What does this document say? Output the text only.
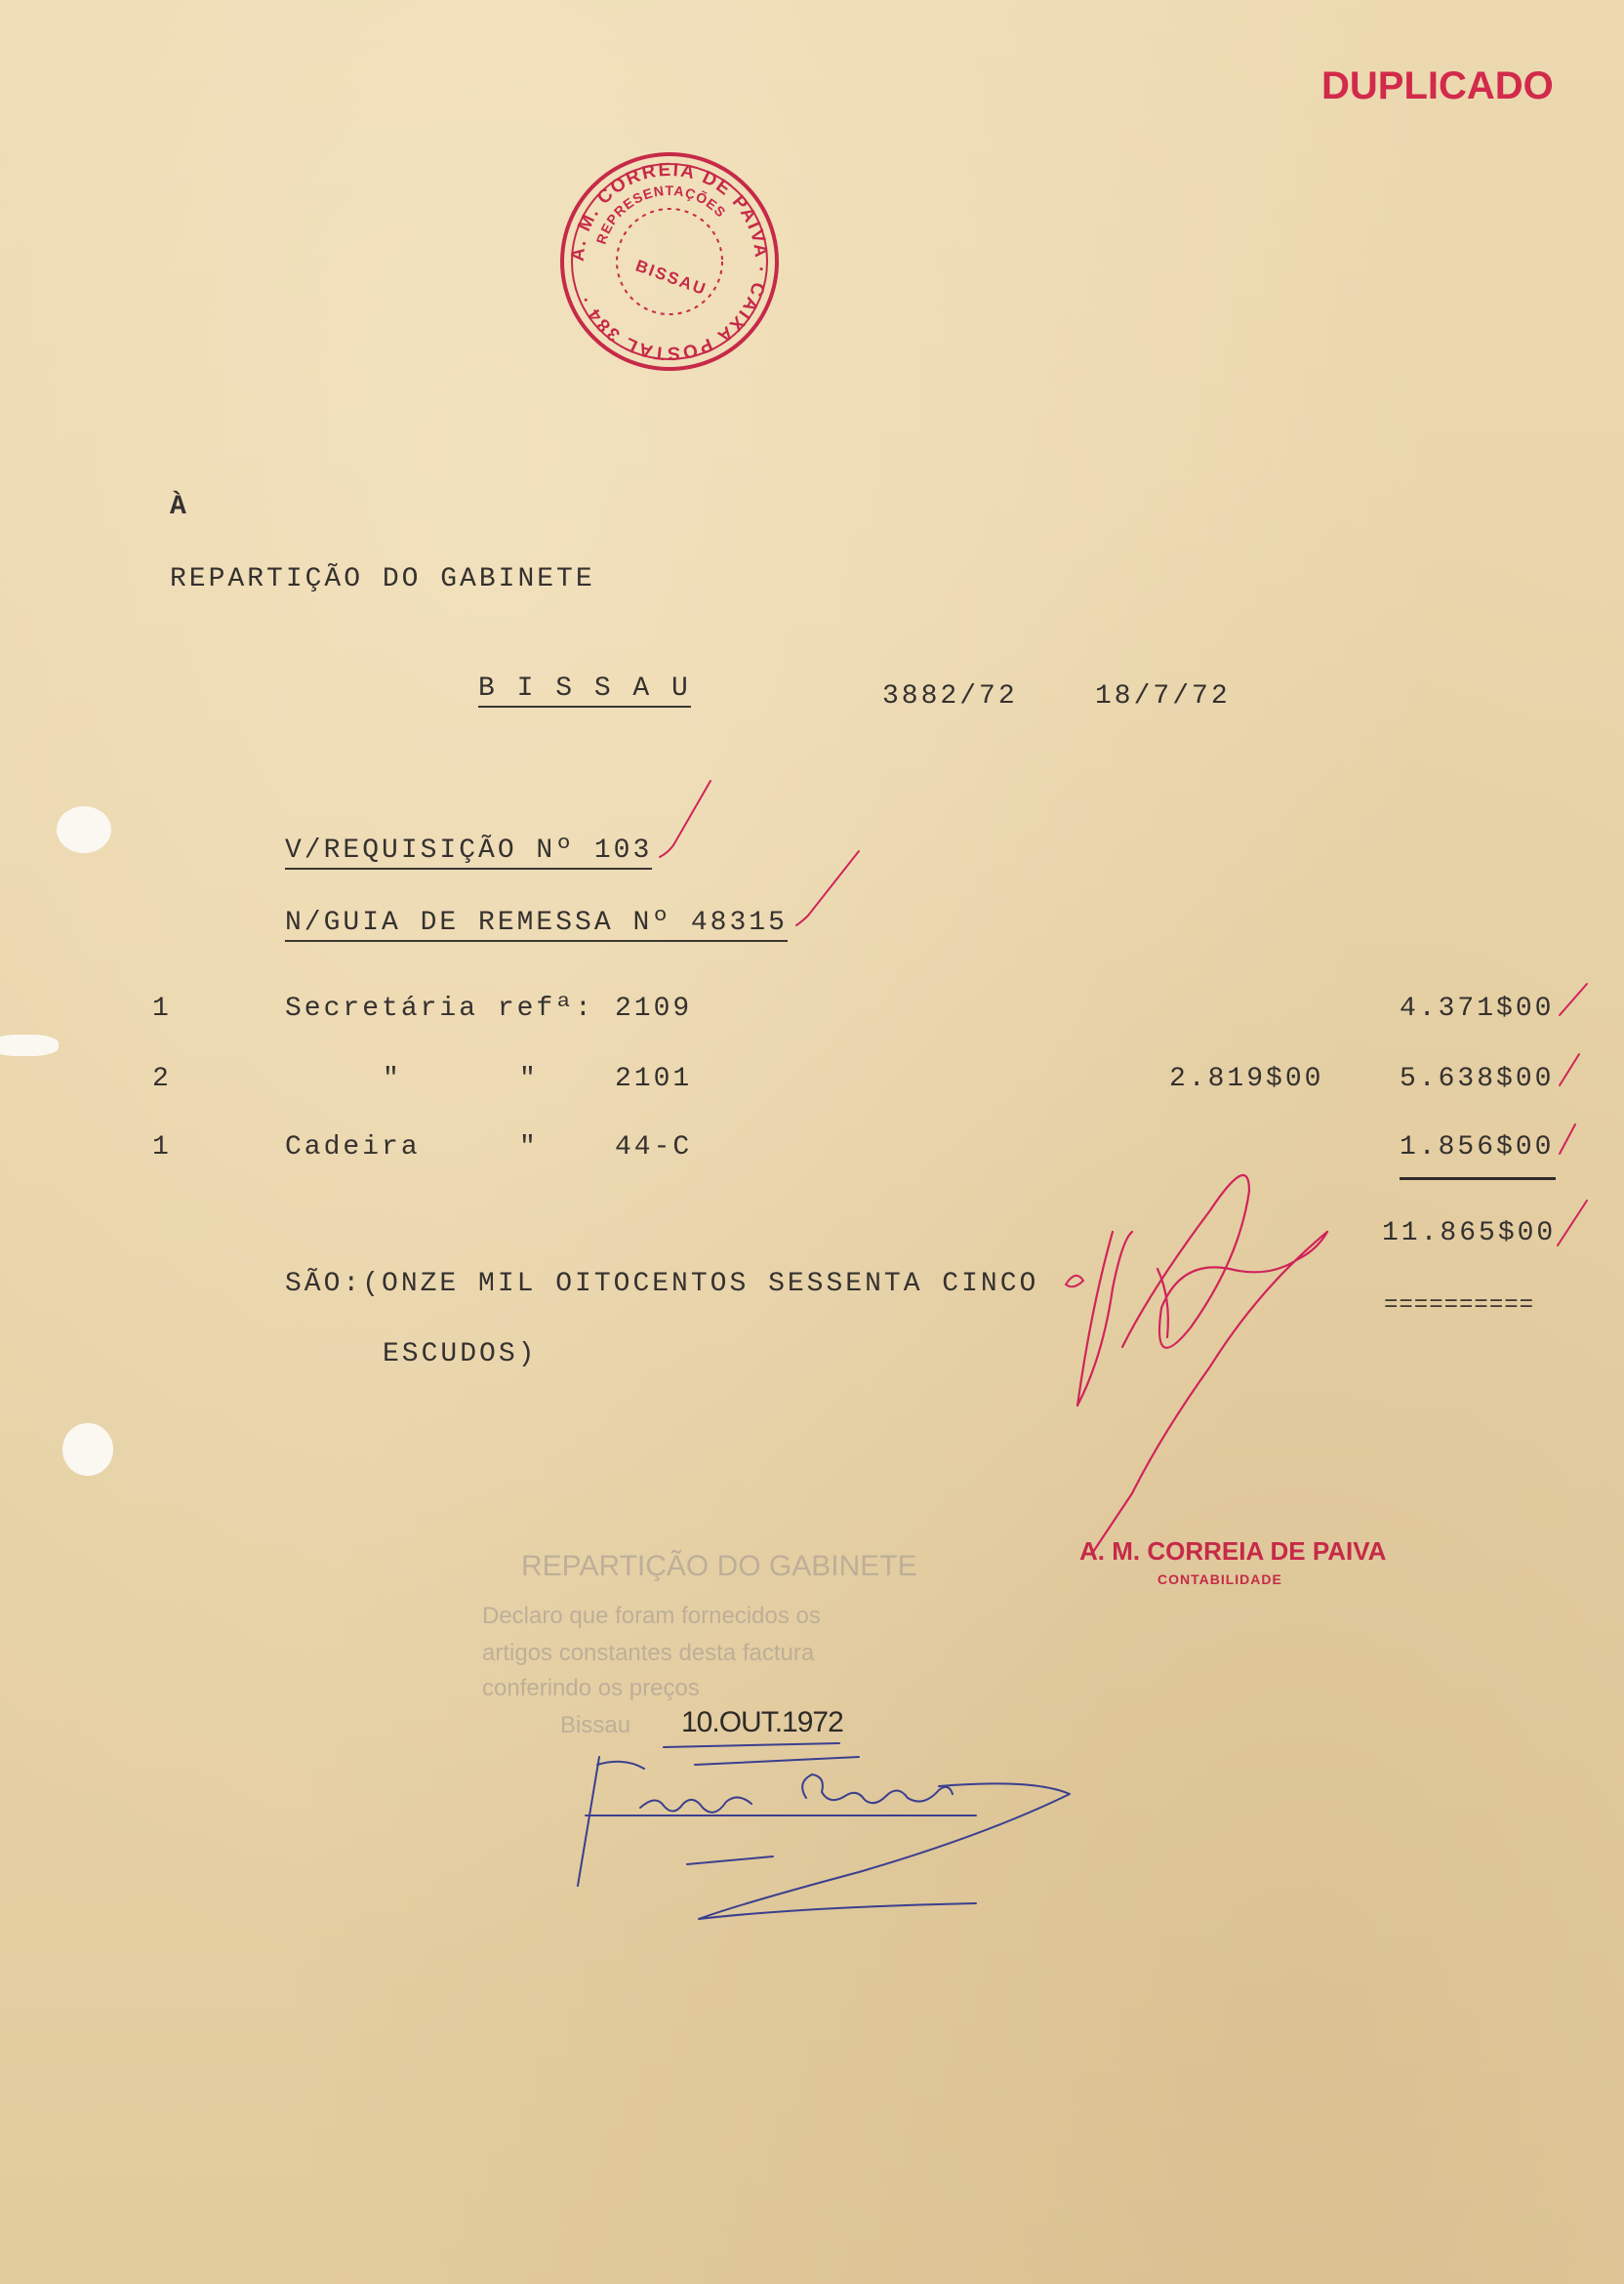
DUPLICADO
A. M. CORREIA DE PAIVA · CAIXA POSTAL 384 ·
REPRESENTAÇÕES
BISSAU
À
REPARTIÇÃO DO GABINETE
B I S S A U	3882/72	18/7/72
V/REQUISIÇÃO Nº 103
N/GUIA DE REMESSA Nº 48315
1	Secretária refª: 2109	4.371$00
2	"	"	2101	2.819$00	5.638$00
1	Cadeira	"	44-C	1.856$00
11.865$00
==========
SÃO:(ONZE MIL OITOCENTOS SESSENTA CINCO
ESCUDOS)
A. M. CORREIA DE PAIVA
CONTABILIDADE
REPARTIÇÃO DO GABINETE
Declaro que foram fornecidos os
artigos constantes desta factura
conferindo os preços
Bissau 10.OUT.1972
